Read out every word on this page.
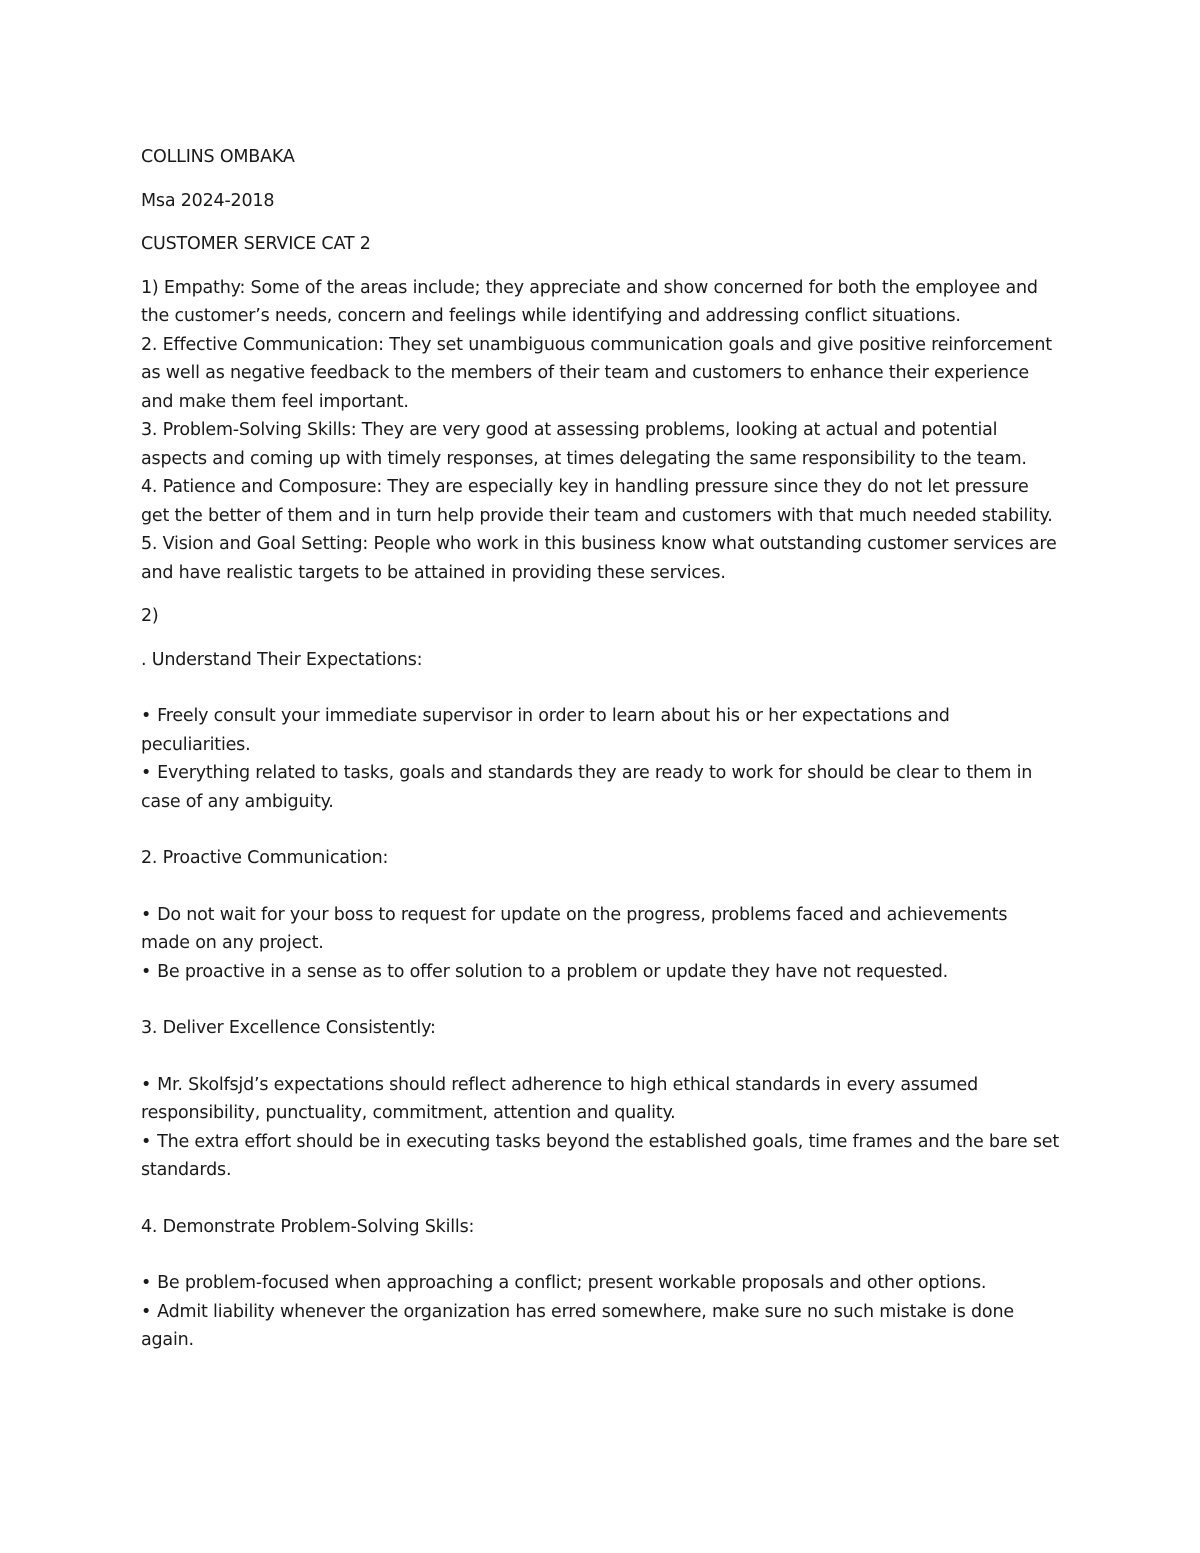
COLLINS OMBAKA

Msa 2024-2018

CUSTOMER SERVICE CAT 2

1) Empathy: Some of the areas include; they appreciate and show concerned for both the employee and the customer’s needs, concern and feelings while identifying and addressing conflict situations.

2. Effective Communication: They set unambiguous communication goals and give positive reinforcement as well as negative feedback to the members of their team and customers to enhance their experience and make them feel important.

3. Problem-Solving Skills: They are very good at assessing problems, looking at actual and potential aspects and coming up with timely responses, at times delegating the same responsibility to the team.

4. Patience and Composure: They are especially key in handling pressure since they do not let pressure get the better of them and in turn help provide their team and customers with that much needed stability.

5. Vision and Goal Setting: People who work in this business know what outstanding customer services are and have realistic targets to be attained in providing these services.

2)

. Understand Their Expectations:

• Freely consult your immediate supervisor in order to learn about his or her expectations and peculiarities.

• Everything related to tasks, goals and standards they are ready to work for should be clear to them in case of any ambiguity.

2. Proactive Communication:

• Do not wait for your boss to request for update on the progress, problems faced and achievements made on any project.

• Be proactive in a sense as to offer solution to a problem or update they have not requested.

3. Deliver Excellence Consistently:

• Mr. Skolfsjd’s expectations should reflect adherence to high ethical standards in every assumed responsibility, punctuality, commitment, attention and quality.

• The extra effort should be in executing tasks beyond the established goals, time frames and the bare set standards.

4. Demonstrate Problem-Solving Skills:

• Be problem-focused when approaching a conflict; present workable proposals and other options.

• Admit liability whenever the organization has erred somewhere, make sure no such mistake is done again.
